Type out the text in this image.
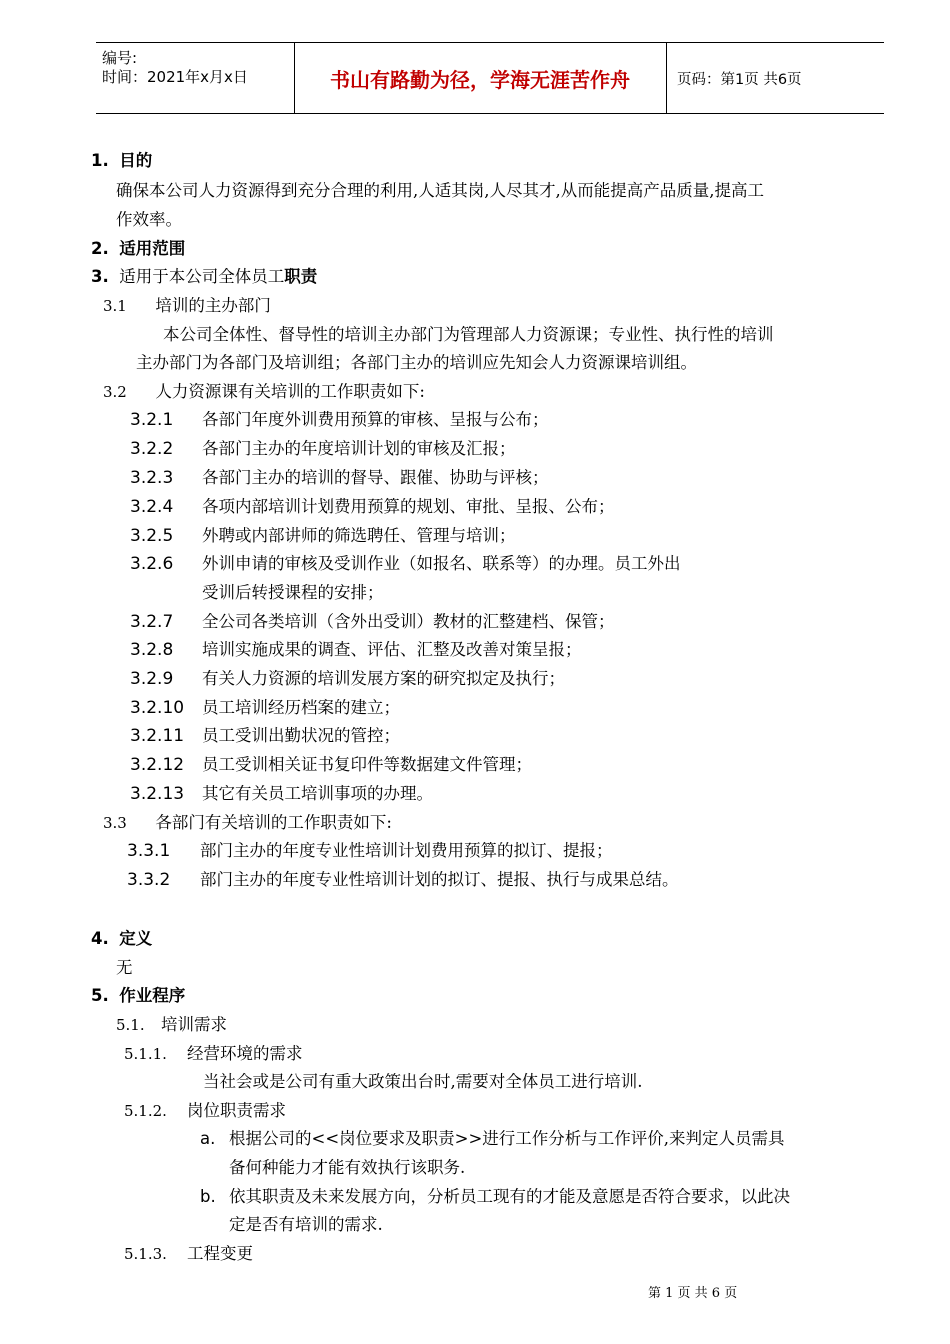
编号:
时间：2021年x月x日	书山有路勤为径，学海无涯苦作舟	页码：第1页 共6页
1. 目的
确保本公司人力资源得到充分合理的利用,人适其岗,人尽其才,从而能提高产品质量,提高工
作效率。
2. 适用范围
3. 适用于本公司全体员工职责
3.1 培训的主办部门
本公司全体性、督导性的培训主办部门为管理部人力资源课；专业性、执行性的培训
主办部门为各部门及培训组；各部门主办的培训应先知会人力资源课培训组。
3.2 人力资源课有关培训的工作职责如下:
3.2.1 各部门年度外训费用预算的审核、呈报与公布；
3.2.2 各部门主办的年度培训计划的审核及汇报；
3.2.3 各部门主办的培训的督导、跟催、协助与评核；
3.2.4 各项内部培训计划费用预算的规划、审批、呈报、公布；
3.2.5 外聘或内部讲师的筛选聘任、管理与培训；
3.2.6 外训申请的审核及受训作业（如报名、联系等）的办理。员工外出
受训后转授课程的安排；
3.2.7 全公司各类培训（含外出受训）教材的汇整建档、保管；
3.2.8 培训实施成果的调查、评估、汇整及改善对策呈报；
3.2.9 有关人力资源的培训发展方案的研究拟定及执行；
3.2.10 员工培训经历档案的建立；
3.2.11 员工受训出勤状况的管控；
3.2.12 员工受训相关证书复印件等数据建文件管理；
3.2.13 其它有关员工培训事项的办理。
3.3 各部门有关培训的工作职责如下:
3.3.1 部门主办的年度专业性培训计划费用预算的拟订、提报；
3.3.2 部门主办的年度专业性培训计划的拟订、提报、执行与成果总结。
4. 定义
无
5. 作业程序
5.1. 培训需求
5.1.1. 经营环境的需求
当社会或是公司有重大政策出台时,需要对全体员工进行培训.
5.1.2. 岗位职责需求
a. 根据公司的<<岗位要求及职责>>进行工作分析与工作评价,来判定人员需具
备何种能力才能有效执行该职务.
b. 依其职责及未来发展方向，分析员工现有的才能及意愿是否符合要求，以此决
定是否有培训的需求.
5.1.3. 工程变更
第 1 页 共 6 页
